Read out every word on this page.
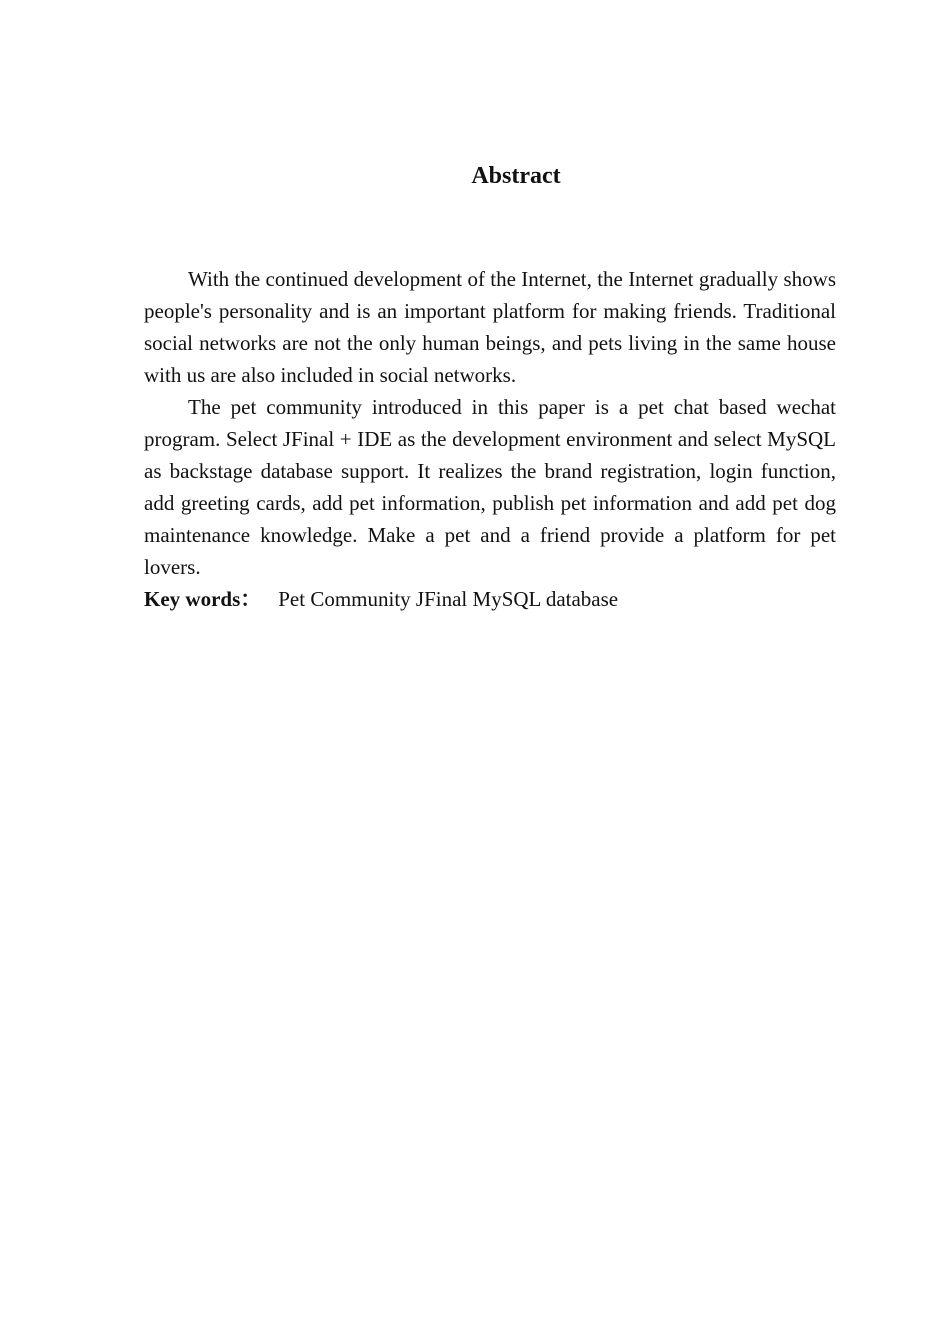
Abstract

With the continued development of the Internet, the Internet gradually shows people's personality and is an important platform for making friends. Traditional social networks are not the only human beings, and pets living in the same house with us are also included in social networks.

The pet community introduced in this paper is a pet chat based wechat program. Select JFinal + IDE as the development environment and select MySQL as backstage database support. It realizes the brand registration, login function, add greeting cards, add pet information, publish pet information and add pet dog maintenance knowledge. Make a pet and a friend provide a platform for pet lovers.

Key words： Pet Community JFinal MySQL database
